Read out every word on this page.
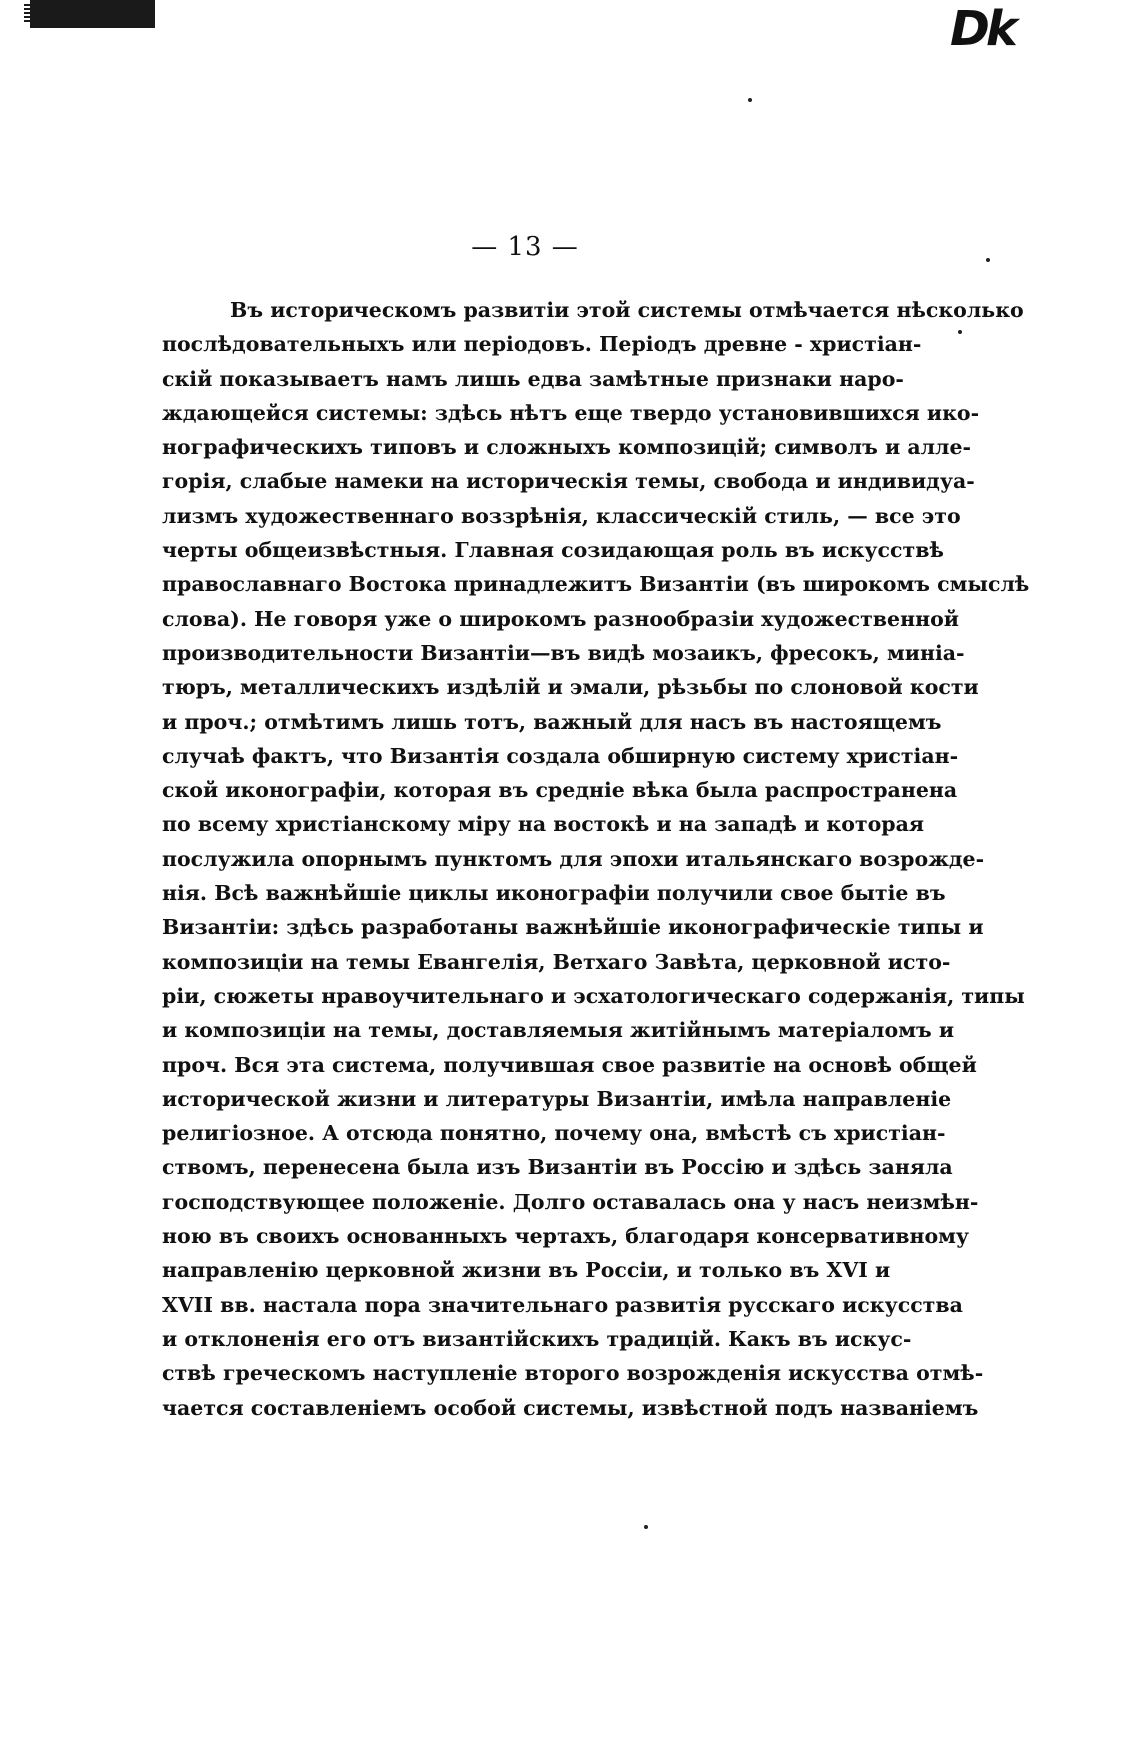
Dk
— 13 —
Въ историческомъ развитіи этой системы отмѣчается нѣсколько
послѣдовательныхъ или періодовъ. Періодъ древне - христіан-
скій показываетъ намъ лишь едва замѣтные признаки наро-
ждающейся системы: здѣсь нѣтъ еще твердо установившихся ико-
нографическихъ типовъ и сложныхъ композицій; символъ и алле-
горія, слабые намеки на историческія темы, свобода и индивидуа-
лизмъ художественнаго воззрѣнія, классическій стиль, — все это
черты общеизвѣстныя. Главная созидающая роль въ искусствѣ
православнаго Востока принадлежитъ Византіи (въ широкомъ смыслѣ
слова). Не говоря уже о широкомъ разнообразіи художественной
производительности Византіи—въ видѣ мозаикъ, фресокъ, миніа-
тюръ, металлическихъ издѣлій и эмали, рѣзьбы по слоновой кости
и проч.; отмѣтимъ лишь тотъ, важный для насъ въ настоящемъ
случаѣ фактъ, что Византія создала обширную систему христіан-
ской иконографіи, которая въ средніе вѣка была распространена
по всему христіанскому міру на востокѣ и на западѣ и которая
послужила опорнымъ пунктомъ для эпохи итальянскаго возрожде-
нія. Всѣ важнѣйшіе циклы иконографіи получили свое бытіе въ
Византіи: здѣсь разработаны важнѣйшіе иконографическіе типы и
композиціи на темы Евангелія, Ветхаго Завѣта, церковной исто-
ріи, сюжеты нравоучительнаго и эсхатологическаго содержанія, типы
и композиціи на темы, доставляемыя житійнымъ матеріаломъ и
проч. Вся эта система, получившая свое развитіе на основѣ общей
исторической жизни и литературы Византіи, имѣла направленіе
религіозное. А отсюда понятно, почему она, вмѣстѣ съ христіан-
ствомъ, перенесена была изъ Византіи въ Россію и здѣсь заняла
господствующее положеніе. Долго оставалась она у насъ неизмѣн-
ною въ своихъ основанныхъ чертахъ, благодаря консервативному
направленію церковной жизни въ Россіи, и только въ XVI и
XVII вв. настала пора значительнаго развитія русскаго искусства
и отклоненія его отъ византійскихъ традицій. Какъ въ искус-
ствѣ греческомъ наступленіе второго возрожденія искусства отмѣ-
чается составленіемъ особой системы, извѣстной подъ названіемъ
